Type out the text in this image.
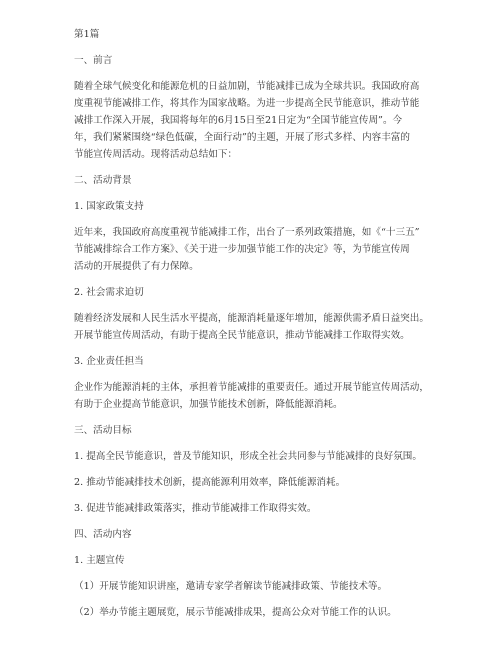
第1篇

一、前言

随着全球气候变化和能源危机的日益加剧，节能减排已成为全球共识。我国政府高

度重视节能减排工作，将其作为国家战略。为进一步提高全民节能意识，推动节能

减排工作深入开展，我国将每年的6月15日至21日定为“全国节能宣传周”。今

年，我们紧紧围绕“绿色低碳，全面行动”的主题，开展了形式多样、内容丰富的

节能宣传周活动。现将活动总结如下：

二、活动背景

1. 国家政策支持

近年来，我国政府高度重视节能减排工作，出台了一系列政策措施，如《“十三五”

节能减排综合工作方案》、《关于进一步加强节能工作的决定》等，为节能宣传周

活动的开展提供了有力保障。

2. 社会需求迫切

随着经济发展和人民生活水平提高，能源消耗量逐年增加，能源供需矛盾日益突出。

开展节能宣传周活动，有助于提高全民节能意识，推动节能减排工作取得实效。

3. 企业责任担当

企业作为能源消耗的主体，承担着节能减排的重要责任。通过开展节能宣传周活动，

有助于企业提高节能意识，加强节能技术创新，降低能源消耗。

三、活动目标

1. 提高全民节能意识，普及节能知识，形成全社会共同参与节能减排的良好氛围。

2. 推动节能减排技术创新，提高能源利用效率，降低能源消耗。

3. 促进节能减排政策落实，推动节能减排工作取得实效。

四、活动内容

1. 主题宣传

（1）开展节能知识讲座，邀请专家学者解读节能减排政策、节能技术等。

（2）举办节能主题展览，展示节能减排成果，提高公众对节能工作的认识。
